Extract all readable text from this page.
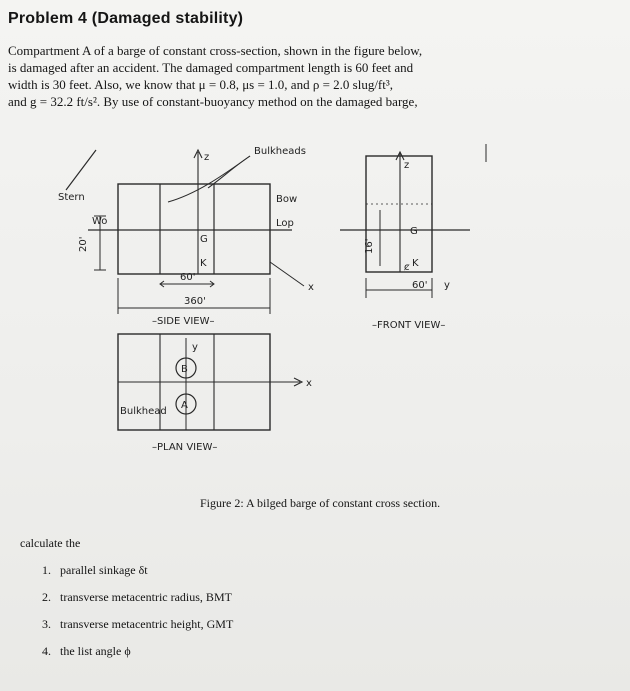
Problem 4 (Damaged stability)
Compartment A of a barge of constant cross-section, shown in the figure below,
is damaged after an accident. The damaged compartment length is 60 feet and
width is 30 feet. Also, we know that μ = 0.8, μs = 1.0, and ρ = 2.0 slug/ft³,
and g = 32.2 ft/s². By use of constant-buoyancy method on the damaged barge,
Bulkheads
Stern	Bow
Wo	Lop
G
K
z
x
20'
60'
360'
–SIDE VIEW–
z
G
ȼ K
16'
60' y
–FRONT VIEW–
B
A
y
x
Bulkhead
–PLAN VIEW–
Figure 2: A bilged barge of constant cross section.
calculate the
1. parallel sinkage δt
2. transverse metacentric radius, BMT
3. transverse metacentric height, GMT
4. the list angle ϕ
